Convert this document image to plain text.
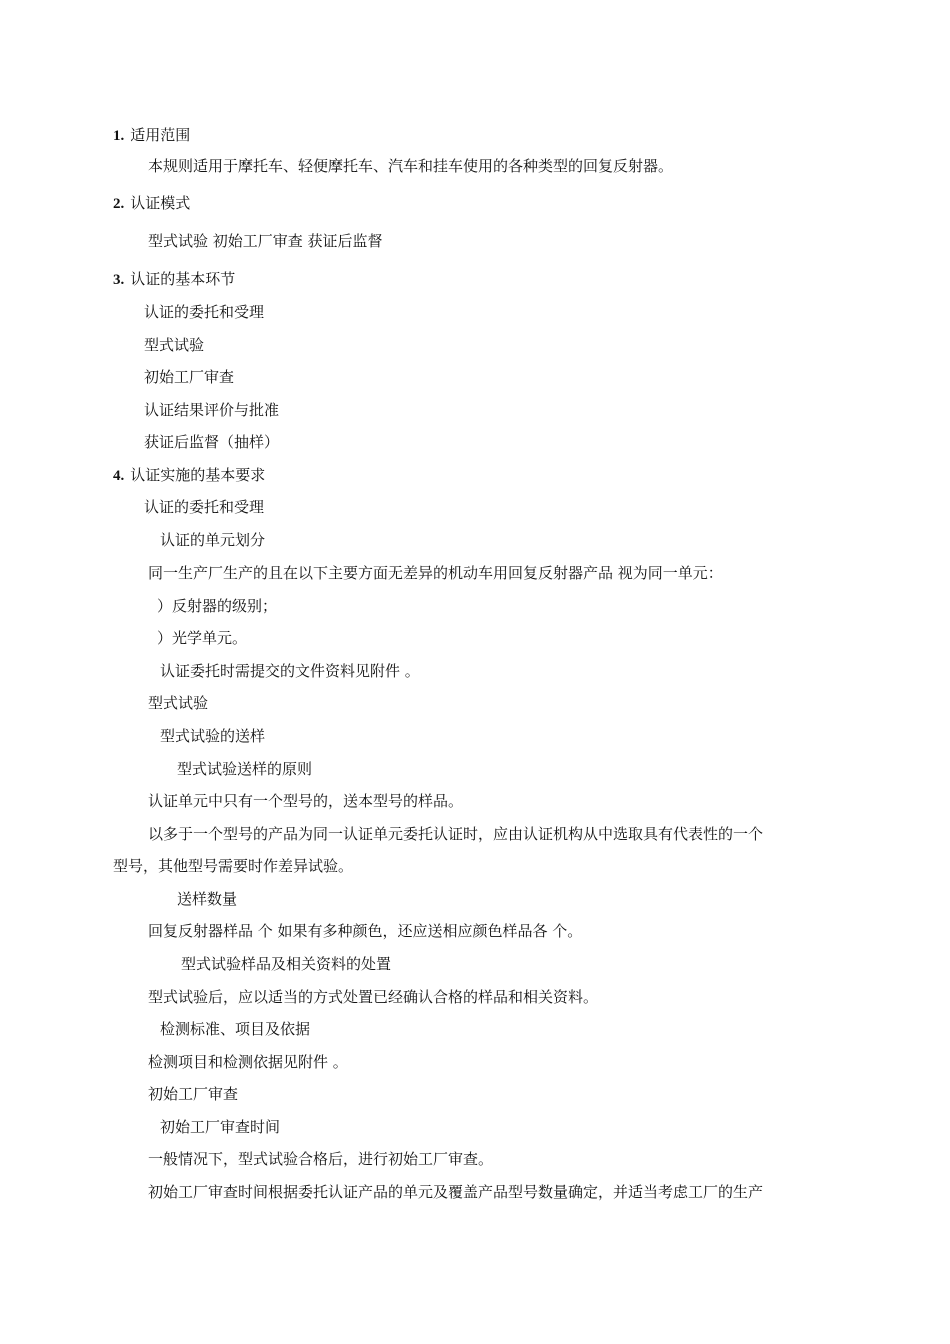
1. 适用范围
本规则适用于摩托车、轻便摩托车、汽车和挂车使用的各种类型的回复反射器。
2. 认证模式
型式试验 初始工厂审查 获证后监督
3. 认证的基本环节
认证的委托和受理
型式试验
初始工厂审查
认证结果评价与批准
获证后监督（抽样）
4. 认证实施的基本要求
认证的委托和受理
认证的单元划分
同一生产厂生产的且在以下主要方面无差异的机动车用回复反射器产品 视为同一单元：
）反射器的级别；
）光学单元。
认证委托时需提交的文件资料见附件 。
型式试验
型式试验的送样
型式试验送样的原则
认证单元中只有一个型号的，送本型号的样品。
以多于一个型号的产品为同一认证单元委托认证时，应由认证机构从中选取具有代表性的一个
型号，其他型号需要时作差异试验。
送样数量
回复反射器样品 个 如果有多种颜色，还应送相应颜色样品各 个。
型式试验样品及相关资料的处置
型式试验后，应以适当的方式处置已经确认合格的样品和相关资料。
检测标准、项目及依据
检测项目和检测依据见附件 。
初始工厂审查
初始工厂审查时间
一般情况下，型式试验合格后，进行初始工厂审查。
初始工厂审查时间根据委托认证产品的单元及覆盖产品型号数量确定，并适当考虑工厂的生产
